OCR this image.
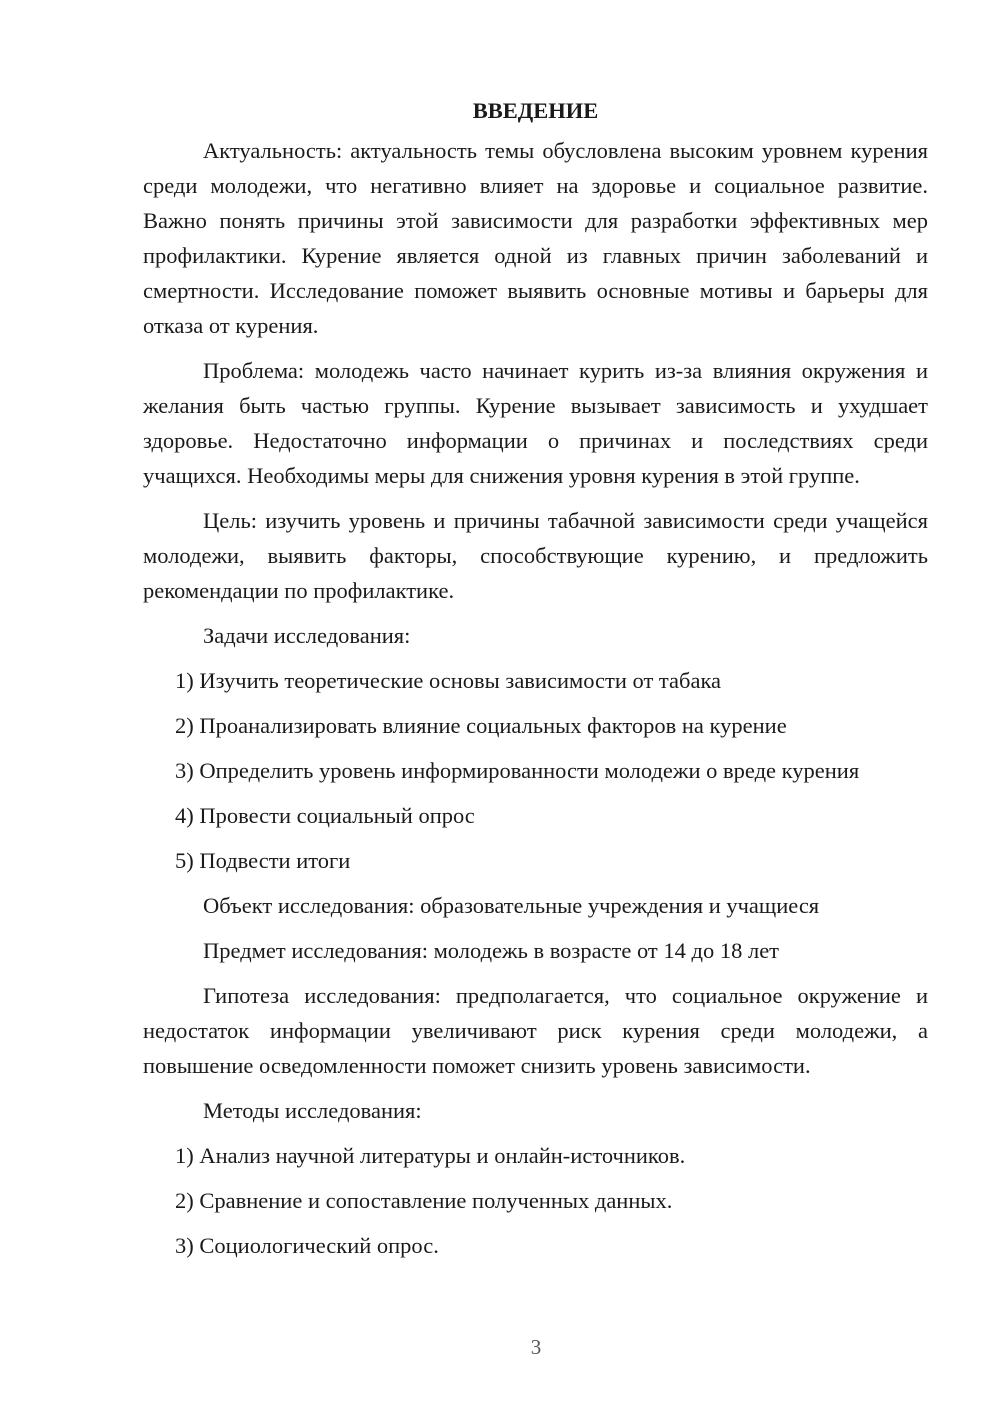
ВВЕДЕНИЕ

Актуальность: актуальность темы обусловлена высоким уровнем курения среди молодежи, что негативно влияет на здоровье и социальное развитие. Важно понять причины этой зависимости для разработки эффективных мер профилактики. Курение является одной из главных причин заболеваний и смертности. Исследование поможет выявить основные мотивы и барьеры для отказа от курения.

Проблема: молодежь часто начинает курить из-за влияния окружения и желания быть частью группы. Курение вызывает зависимость и ухудшает здоровье. Недостаточно информации о причинах и последствиях среди учащихся. Необходимы меры для снижения уровня курения в этой группе.

Цель: изучить уровень и причины табачной зависимости среди учащейся молодежи, выявить факторы, способствующие курению, и предложить рекомендации по профилактике.

Задачи исследования:
1) Изучить теоретические основы зависимости от табака
2) Проанализировать влияние социальных факторов на курение
3) Определить уровень информированности молодежи о вреде курения
4) Провести социальный опрос
5) Подвести итоги
Объект исследования: образовательные учреждения и учащиеся
Предмет исследования: молодежь в возрасте от 14 до 18 лет

Гипотеза исследования: предполагается, что социальное окружение и недостаток информации увеличивают риск курения среди молодежи, а повышение осведомленности поможет снизить уровень зависимости.

Методы исследования:
1) Анализ научной литературы и онлайн-источников.
2) Сравнение и сопоставление полученных данных.
3) Социологический опрос.
3
